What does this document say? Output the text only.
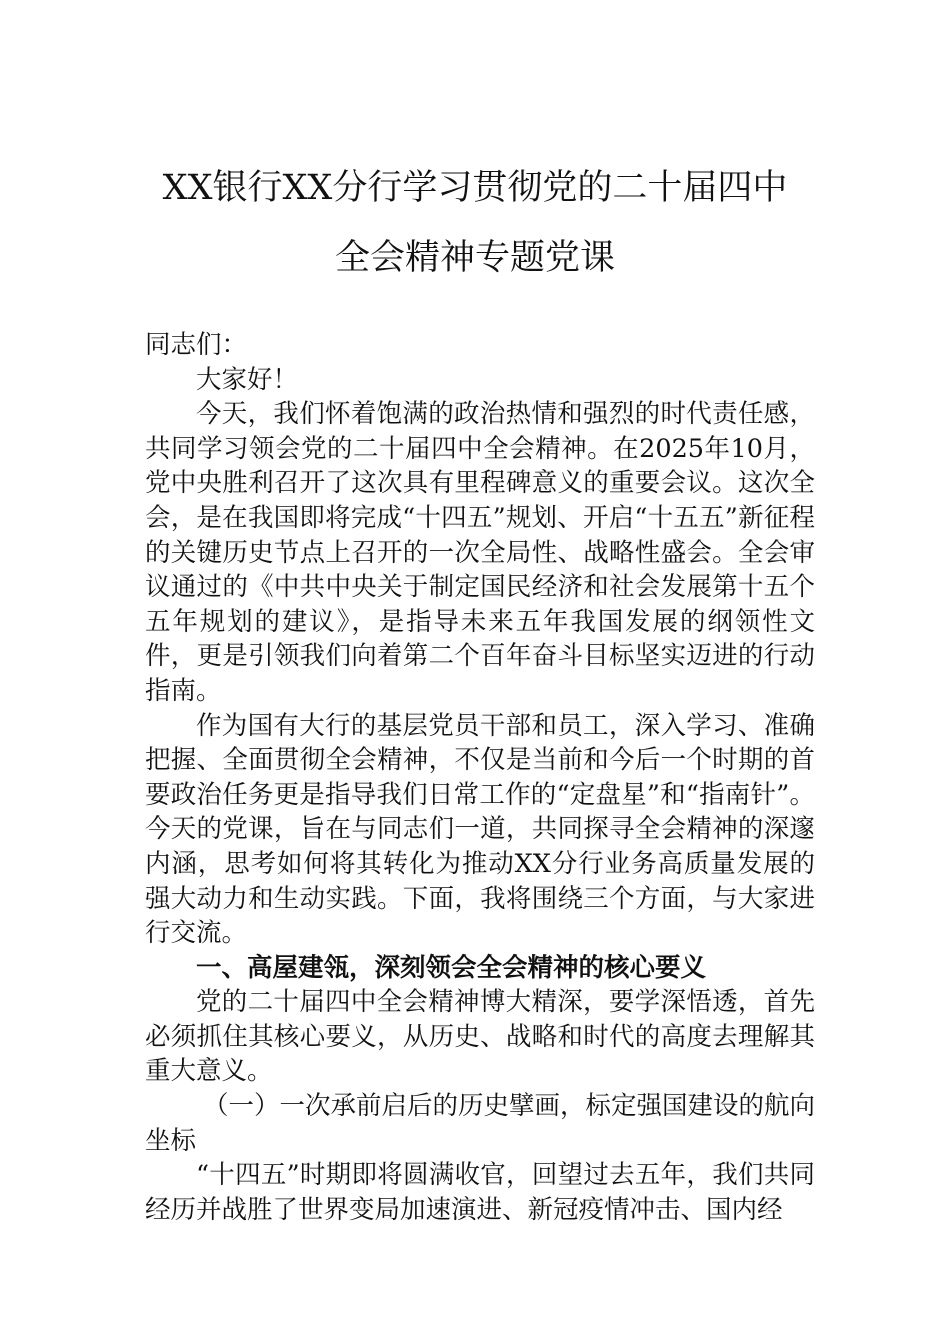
XX银行XX分行学习贯彻党的二十届四中
全会精神专题党课

同志们：

大家好！

今天，我们怀着饱满的政治热情和强烈的时代责任感，共同学习领会党的二十届四中全会精神。在2025年10月，党中央胜利召开了这次具有里程碑意义的重要会议。这次全会，是在我国即将完成“十四五”规划、开启“十五五”新征程的关键历史节点上召开的一次全局性、战略性盛会。全会审议通过的《中共中央关于制定国民经济和社会发展第十五个五年规划的建议》，是指导未来五年我国发展的纲领性文件，更是引领我们向着第二个百年奋斗目标坚实迈进的行动指南。

作为国有大行的基层党员干部和员工，深入学习、准确把握、全面贯彻全会精神，不仅是当前和今后一个时期的首要政治任务更是指导我们日常工作的“定盘星”和“指南针”。今天的党课，旨在与同志们一道，共同探寻全会精神的深邃内涵，思考如何将其转化为推动XX分行业务高质量发展的强大动力和生动实践。下面，我将围绕三个方面，与大家进行交流。

一、高屋建瓴，深刻领会全会精神的核心要义

党的二十届四中全会精神博大精深，要学深悟透，首先必须抓住其核心要义，从历史、战略和时代的高度去理解其重大意义。

（一）一次承前启后的历史擘画，标定强国建设的航向坐标

“十四五”时期即将圆满收官，回望过去五年，我们共同经历并战胜了世界变局加速演进、新冠疫情冲击、国内经
